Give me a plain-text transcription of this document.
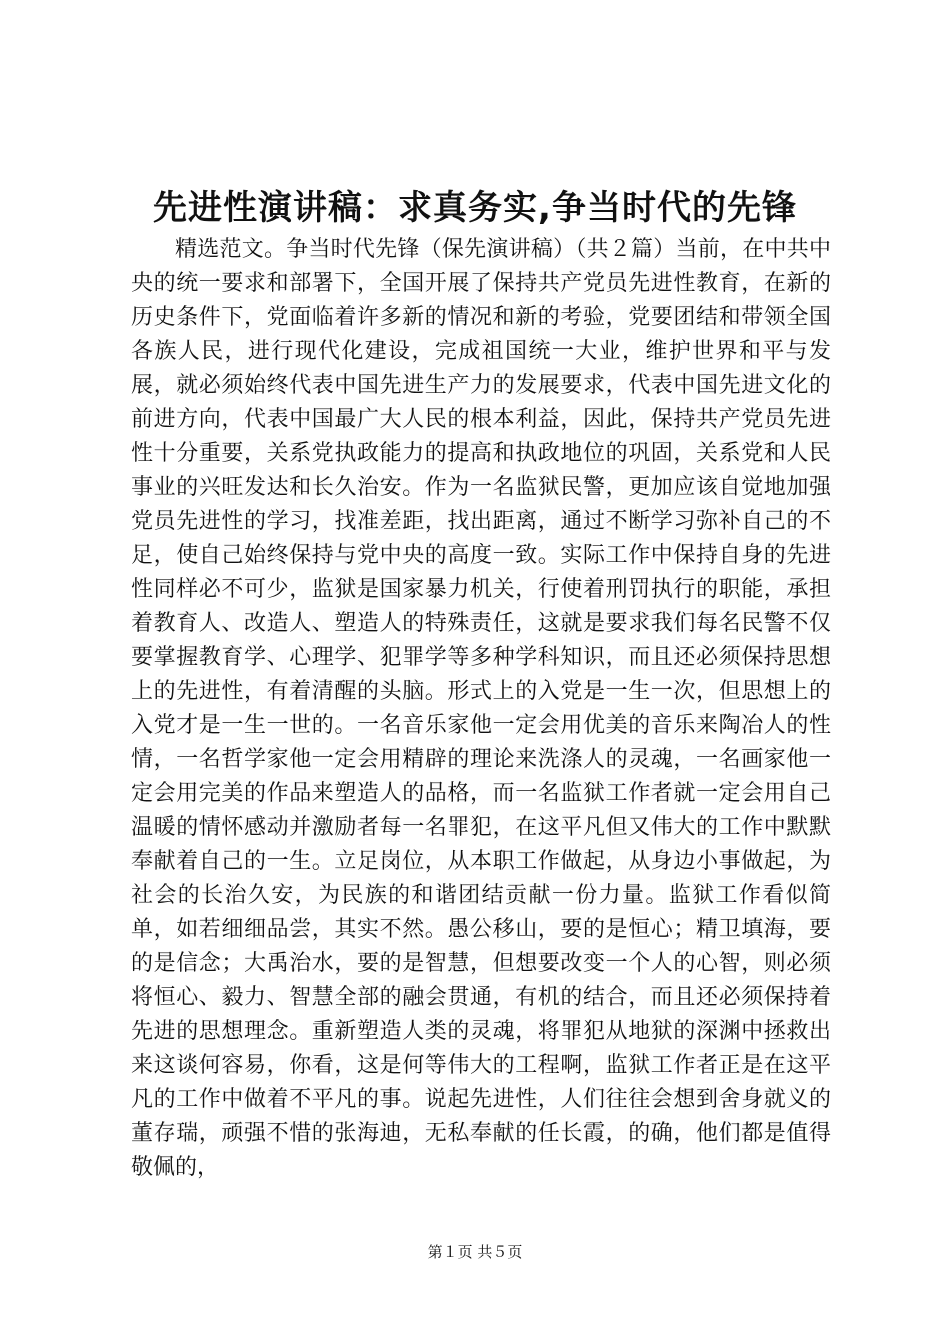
先进性演讲稿：求真务实,争当时代的先锋

精选范文。争当时代先锋（保先演讲稿）（共２篇）当前，在中共中央的统一要求和部署下，全国开展了保持共产党员先进性教育，在新的历史条件下，党面临着许多新的情况和新的考验，党要团结和带领全国各族人民，进行现代化建设，完成祖国统一大业，维护世界和平与发展，就必须始终代表中国先进生产力的发展要求，代表中国先进文化的前进方向，代表中国最广大人民的根本利益，因此，保持共产党员先进性十分重要，关系党执政能力的提高和执政地位的巩固，关系党和人民事业的兴旺发达和长久治安。作为一名监狱民警，更加应该自觉地加强党员先进性的学习，找准差距，找出距离，通过不断学习弥补自己的不足，使自己始终保持与党中央的高度一致。实际工作中保持自身的先进性同样必不可少，监狱是国家暴力机关，行使着刑罚执行的职能，承担着教育人、改造人、塑造人的特殊责任，这就是要求我们每名民警不仅要掌握教育学、心理学、犯罪学等多种学科知识，而且还必须保持思想上的先进性，有着清醒的头脑。形式上的入党是一生一次，但思想上的入党才是一生一世的。一名音乐家他一定会用优美的音乐来陶冶人的性情，一名哲学家他一定会用精辟的理论来洗涤人的灵魂，一名画家他一定会用完美的作品来塑造人的品格，而一名监狱工作者就一定会用自己温暖的情怀感动并激励者每一名罪犯，在这平凡但又伟大的工作中默默奉献着自己的一生。立足岗位，从本职工作做起，从身边小事做起，为社会的长治久安，为民族的和谐团结贡献一份力量。监狱工作看似简单，如若细细品尝，其实不然。愚公移山，要的是恒心；精卫填海，要的是信念；大禹治水，要的是智慧，但想要改变一个人的心智，则必须将恒心、毅力、智慧全部的融会贯通，有机的结合，而且还必须保持着先进的思想理念。重新塑造人类的灵魂，将罪犯从地狱的深渊中拯救出来这谈何容易，你看，这是何等伟大的工程啊，监狱工作者正是在这平凡的工作中做着不平凡的事。说起先进性，人们往往会想到舍身就义的董存瑞，顽强不惜的张海迪，无私奉献的任长霞，的确，他们都是值得敬佩的，

第１页 共５页
